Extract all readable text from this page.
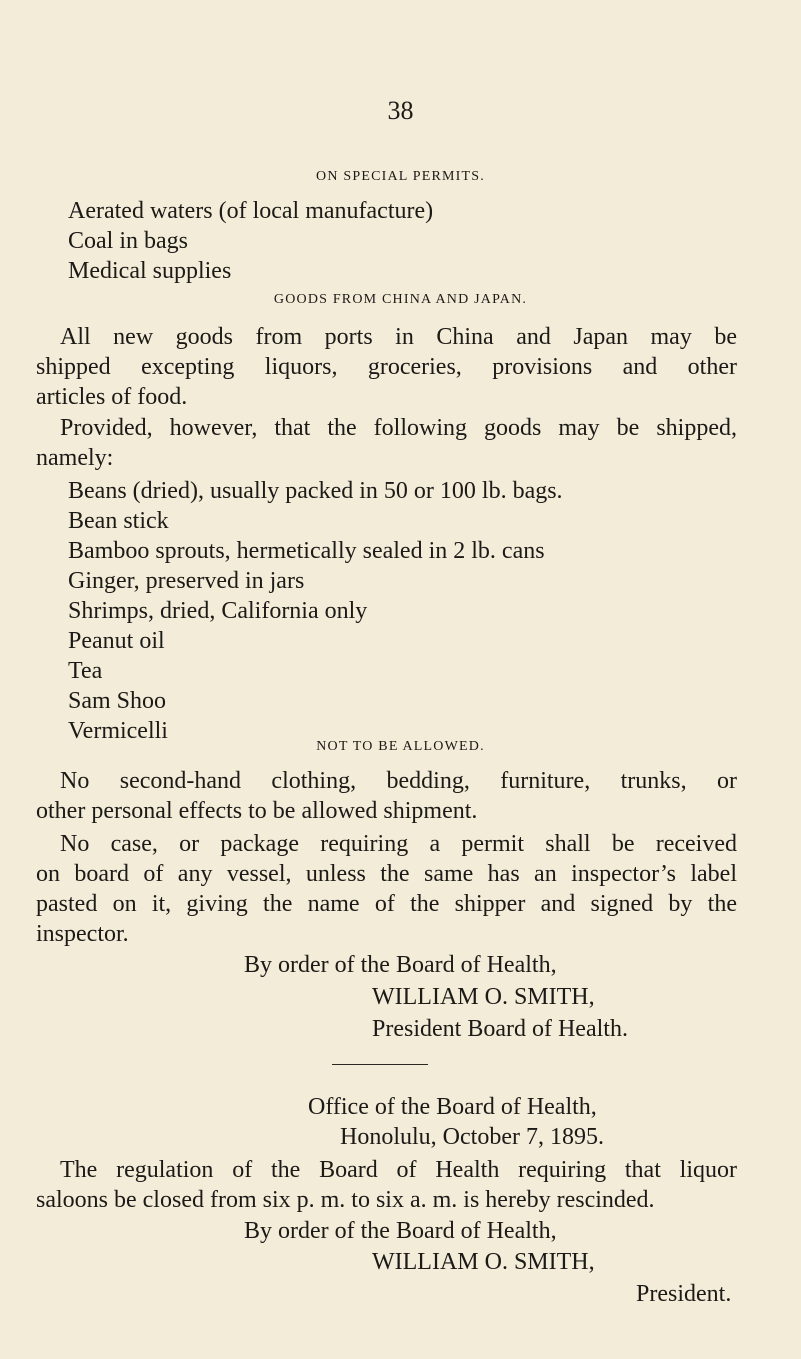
38
ON SPECIAL PERMITS.
Aerated waters (of local manufacture)
Coal in bags
Medical supplies
GOODS FROM CHINA AND JAPAN.
All new goods from ports in China and Japan may be
shipped excepting liquors, groceries, provisions and other
articles of food.
Provided, however, that the following goods may be shipped,
namely:
Beans (dried), usually packed in 50 or 100 lb. bags.
Bean stick
Bamboo sprouts, hermetically sealed in 2 lb. cans
Ginger, preserved in jars
Shrimps, dried, California only
Peanut oil
Tea
Sam Shoo
Vermicelli
NOT TO BE ALLOWED.
No second-hand clothing, bedding, furniture, trunks, or
other personal effects to be allowed shipment.
No case, or package requiring a permit shall be received
on board of any vessel, unless the same has an inspector’s label
pasted on it, giving the name of the shipper and signed by the
inspector.
By order of the Board of Health,
WILLIAM O. SMITH,
President Board of Health.
Office of the Board of Health,
Honolulu, October 7, 1895.
The regulation of the Board of Health requiring that liquor
saloons be closed from six p. m. to six a. m. is hereby rescinded.
By order of the Board of Health,
WILLIAM O. SMITH,
President.
